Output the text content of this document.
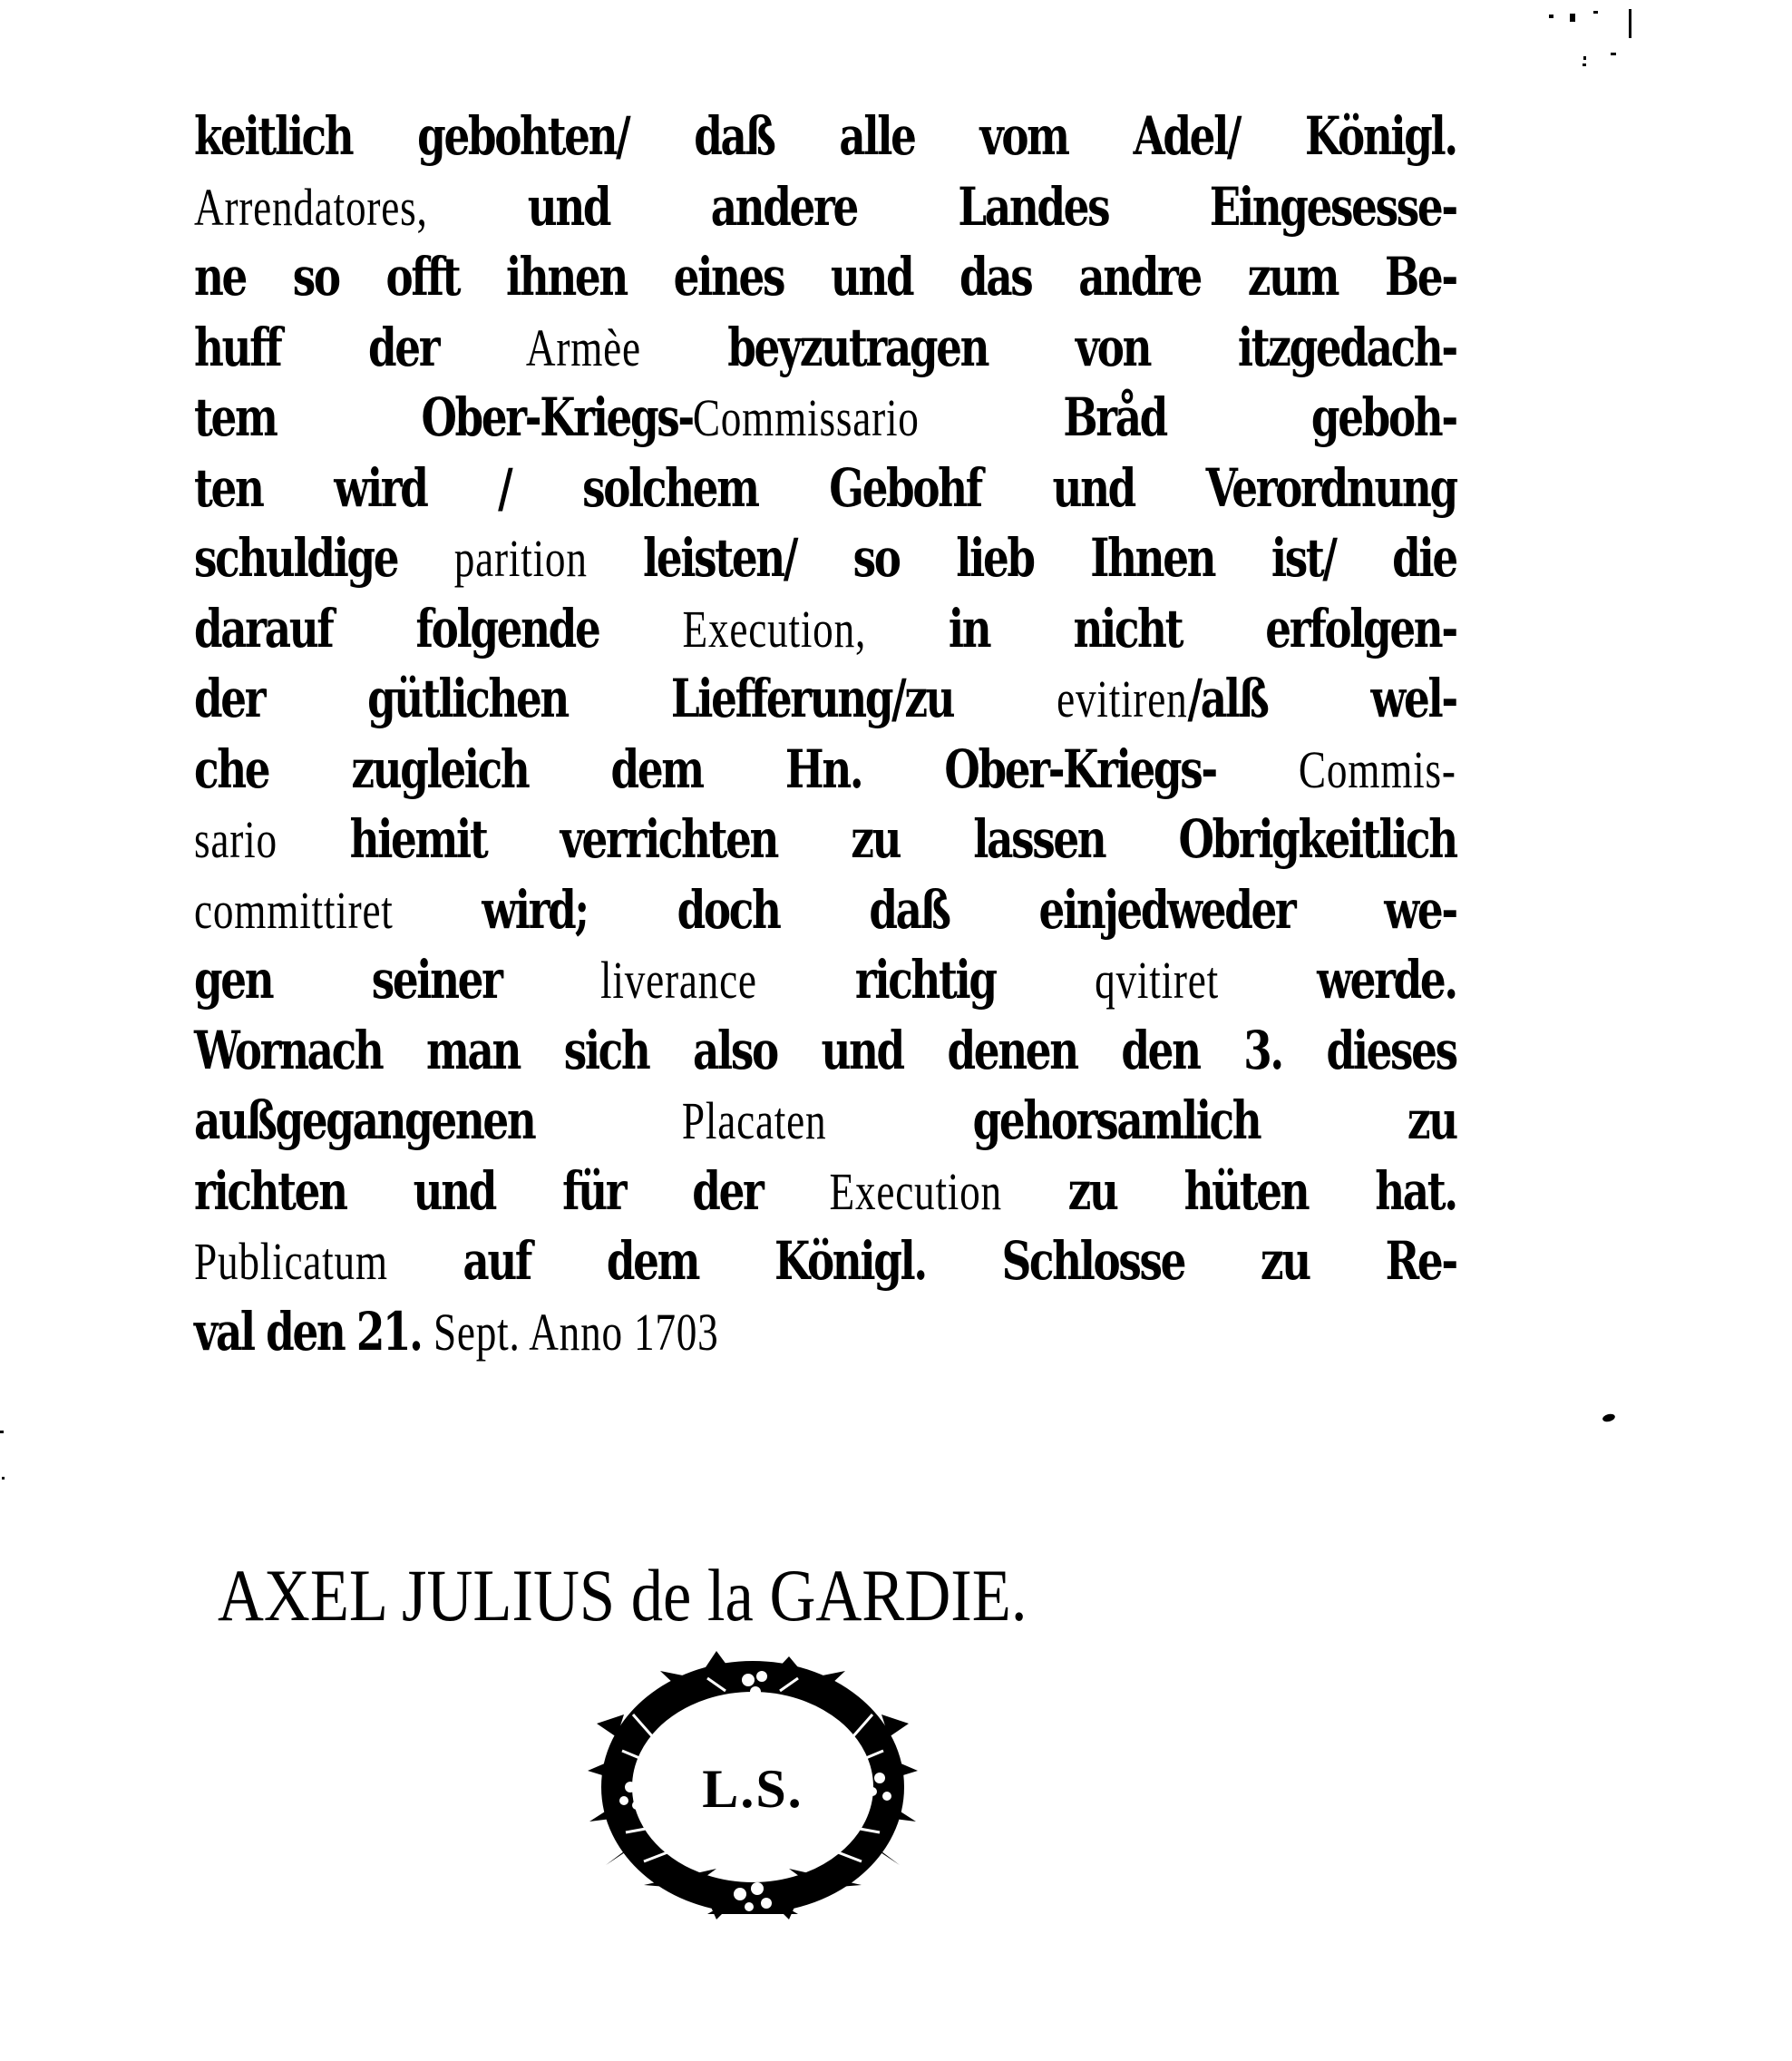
keitlich gebohten/ daß alle vom Adel/ Königl.
Arrendatores, und andere Landes Eingesesse-
ne so offt ihnen eines und das andre zum Be-
huff der Armèe beyzutragen von itzgedach-
tem Ober-Kriegs-Commissario Bråd geboh-
ten wird / solchem Gebohf und Verordnung
schuldige parition leisten/ so lieb Ihnen ist/ die
darauf folgende Execution, in nicht erfolgen-
der gütlichen Liefferung/zu evitiren/alß wel-
che zugleich dem Hn. Ober-Kriegs- Commis-
sario hiemit verrichten zu lassen Obrigkeitlich
committiret wird; doch daß einjedweder we-
gen seiner liverance richtig qvitiret werde.
Wornach man sich also und denen den 3. dieses
außgegangenen Placaten gehorsamlich zu
richten und für der Execution zu hüten hat.
Publicatum auf dem Königl. Schlosse zu Re-
val den 21. Sept. Anno 1703
AXEL JULIUS de la GARDIE.
L.S.
